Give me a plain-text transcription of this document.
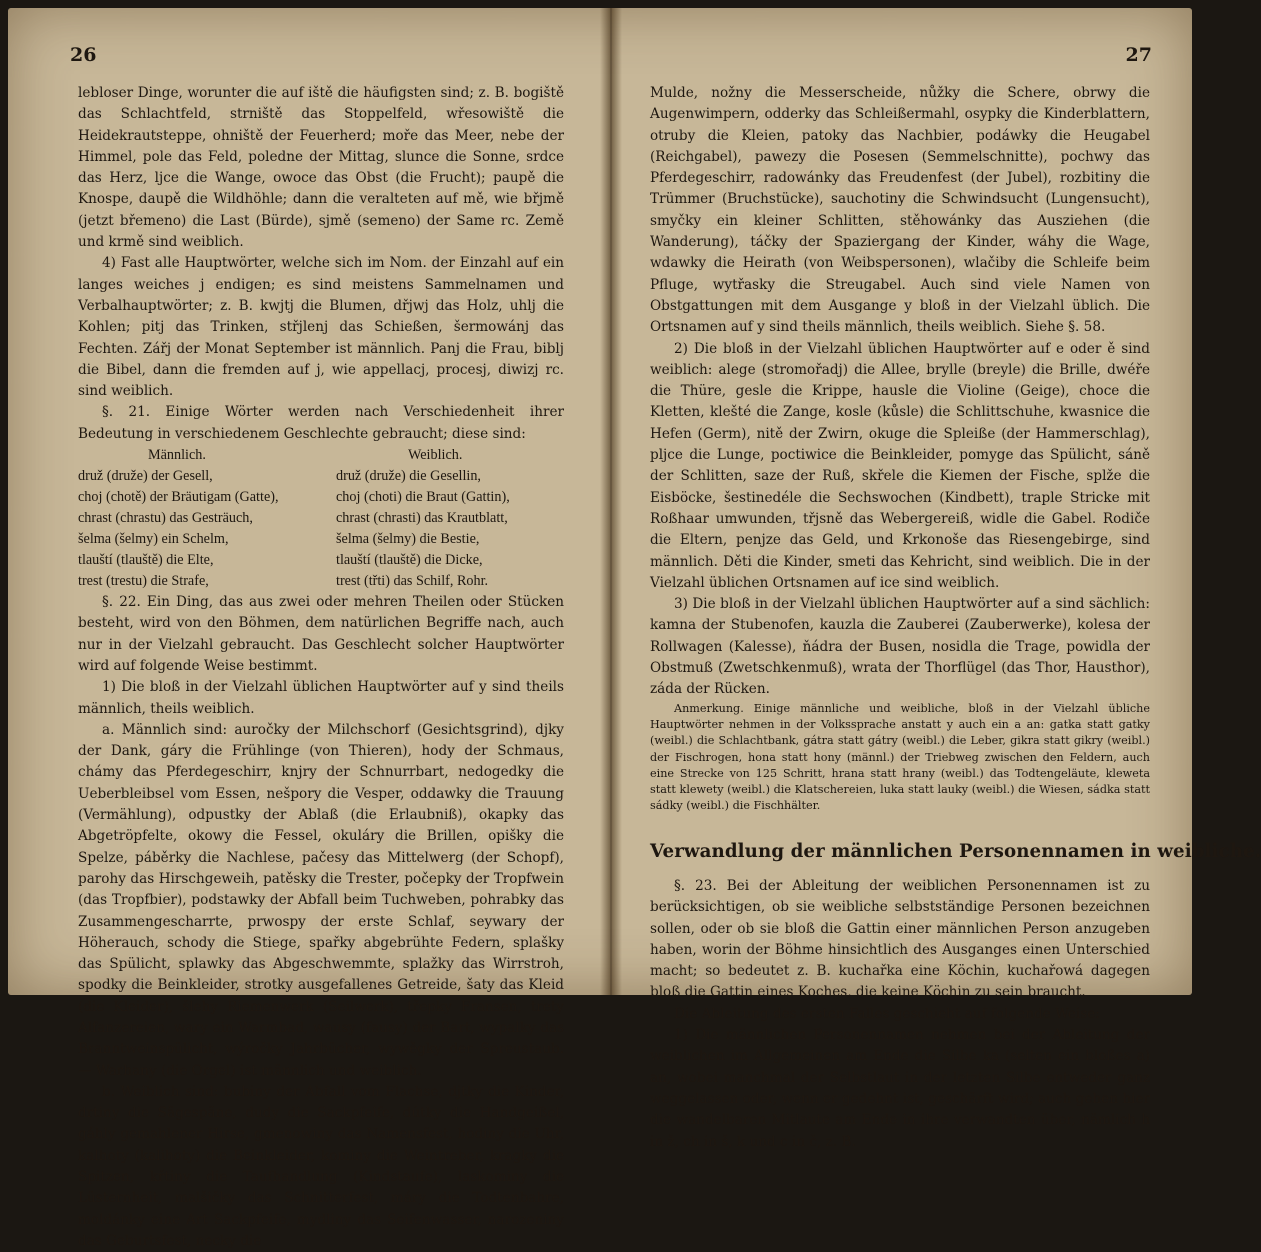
26

lebloser Dinge, worunter die auf iště die häufigsten sind; z. B. bogiště das Schlachtfeld, strniště das Stoppelfeld, wřesowiště die Heidekrautsteppe, ohniště der Feuerherd; moře das Meer, nebe der Himmel, pole das Feld, poledne der Mittag, slunce die Sonne, srdce das Herz, ljce die Wange, owoce das Obst (die Frucht); paupě die Knospe, daupě die Wildhöhle; dann die veralteten auf mě, wie břjmě (jetzt břemeno) die Last (Bürde), sjmě (semeno) der Same rc. Země und krmě sind weiblich.

4) Fast alle Hauptwörter, welche sich im Nom. der Einzahl auf ein langes weiches j endigen; es sind meistens Sammelnamen und Verbalhauptwörter; z. B. kwjtj die Blumen, dřjwj das Holz, uhlj die Kohlen; pitj das Trinken, střjlenj das Schießen, šermowánj das Fechten. Zářj der Monat September ist männlich. Panj die Frau, biblj die Bibel, dann die fremden auf j, wie appellacj, procesj, diwizj rc. sind weiblich.

§. 21. Einige Wörter werden nach Verschiedenheit ihrer Bedeutung in verschiedenem Geschlechte gebraucht; diese sind:

Männlich.	Weiblich.
druž (druže) der Gesell,	druž (druže) die Gesellin,
choj (chotě) der Bräutigam (Gatte),	choj (choti) die Braut (Gattin),
chrast (chrastu) das Gesträuch,	chrast (chrasti) das Krautblatt,
šelma (šelmy) ein Schelm,	šelma (šelmy) die Bestie,
tlauští (tlauště) die Elte,	tlauští (tlauště) die Dicke,
trest (trestu) die Strafe,	trest (třti) das Schilf, Rohr.

§. 22. Ein Ding, das aus zwei oder mehren Theilen oder Stücken besteht, wird von den Böhmen, dem natürlichen Begriffe nach, auch nur in der Vielzahl gebraucht. Das Geschlecht solcher Hauptwörter wird auf folgende Weise bestimmt.

1) Die bloß in der Vielzahl üblichen Hauptwörter auf y sind theils männlich, theils weiblich.

a. Männlich sind: auročky der Milchschorf (Gesichtsgrind), djky der Dank, gáry die Frühlinge (von Thieren), hody der Schmaus, chámy das Pferdegeschirr, knjry der Schnurrbart, nedogedky die Ueberbleibsel vom Essen, nešpory die Vesper, oddawky die Trauung (Vermählung), odpustky der Ablaß (die Erlaubniß), okapky das Abgetröpfelte, okowy die Fessel, okuláry die Brillen, opišky die Spelze, páběrky die Nachlese, pačesy das Mittelwerg (der Schopf), parohy das Hirschgeweih, patěsky die Trester, počepky der Tropfwein (das Tropfbier), podstawky der Abfall beim Tuchweben, pohrabky das Zusammengescharrte, prwospy der erste Schlaf, seywary der Höherauch, schody die Stiege, spařky abgebrühte Federn, splašky das Spülicht, splawky das Abgeschwemmte, splažky das Wirrstroh, spodky die Beinkleider, strotky ausgefallenes Getreide, šaty das Kleid (die Kleider), šlehy Riemenwerk (Seilwerk), třepky Fransen, trety Alfanzereien, wary ein Warmbad, wausy (fausy) der Bart, wypalky das Branntweinspülicht, wýročky Jahrbücher, wywěgky der Spreustaub. — Warhany (die Orgel) ist männlich und weiblich.

b. Weiblich sind: bubiny der Abfall vom Flachse, djtky die Kinder, drtiny die Sägespäne, dudy die Sackpfeife, dútky die Handgeißel, gáhly gemahlener Hirse, gmenowiny das Namensfest, hodiny die Uhr, kalhoty (kalihoty) die Beinkleider, kominy die Weintreber, kragky die Spitzen, křtiny die Taufhandlung (Kindstaufe), laskominy die Lüsternheit, malšičky das Schnitterfest, máry die Todtenbahre, moldánky eine Art Sackpfeife, mydliny das Seifenwasser, narozeniny das Geburtsfest, necky die

27

Mulde, nožny die Messerscheide, nůžky die Schere, obrwy die Augenwimpern, odderky das Schleißermahl, osypky die Kinderblattern, otruby die Kleien, patoky das Nachbier, podáwky die Heugabel (Reichgabel), pawezy die Posesen (Semmelschnitte), pochwy das Pferdegeschirr, radowánky das Freudenfest (der Jubel), rozbitiny die Trümmer (Bruchstücke), sauchotiny die Schwindsucht (Lungensucht), smyčky ein kleiner Schlitten, stěhowánky das Ausziehen (die Wanderung), táčky der Spaziergang der Kinder, wáhy die Wage, wdawky die Heirath (von Weibspersonen), wlačiby die Schleife beim Pfluge, wytřasky die Streugabel. Auch sind viele Namen von Obstgattungen mit dem Ausgange y bloß in der Vielzahl üblich. Die Ortsnamen auf y sind theils männlich, theils weiblich. Siehe §. 58.

2) Die bloß in der Vielzahl üblichen Hauptwörter auf e oder ě sind weiblich: alege (stromořadj) die Allee, brylle (breyle) die Brille, dwéře die Thüre, gesle die Krippe, hausle die Violine (Geige), choce die Kletten, klešté die Zange, kosle (kůsle) die Schlittschuhe, kwasnice die Hefen (Germ), nitě der Zwirn, okuge die Spleiße (der Hammerschlag), pljce die Lunge, poctiwice die Beinkleider, pomyge das Spülicht, sáně der Schlitten, saze der Ruß, skřele die Kiemen der Fische, splže die Eisböcke, šestinedéle die Sechswochen (Kindbett), traple Stricke mit Roßhaar umwunden, třjsně das Webergereiß, widle die Gabel. Rodiče die Eltern, penjze das Geld, und Krkonoše das Riesengebirge, sind männlich. Děti die Kinder, smeti das Kehricht, sind weiblich. Die in der Vielzahl üblichen Ortsnamen auf ice sind weiblich.

3) Die bloß in der Vielzahl üblichen Hauptwörter auf a sind sächlich: kamna der Stubenofen, kauzla die Zauberei (Zauberwerke), kolesa der Rollwagen (Kalesse), ňádra der Busen, nosidla die Trage, powidla der Obstmuß (Zwetschkenmuß), wrata der Thorflügel (das Thor, Hausthor), záda der Rücken.

Anmerkung. Einige männliche und weibliche, bloß in der Vielzahl übliche Hauptwörter nehmen in der Volkssprache anstatt y auch ein a an: gatka statt gatky (weibl.) die Schlachtbank, gátra statt gátry (weibl.) die Leber, gikra statt gikry (weibl.) der Fischrogen, hona statt hony (männl.) der Triebweg zwischen den Feldern, auch eine Strecke von 125 Schritt, hrana statt hrany (weibl.) das Todtengeläute, kleweta statt klewety (weibl.) die Klatschereien, luka statt lauky (weibl.) die Wiesen, sádka statt sádky (weibl.) die Fischhälter.

Verwandlung der männlichen Personennamen in weibliche.

§. 23. Bei der Ableitung der weiblichen Personennamen ist zu berücksichtigen, ob sie weibliche selbstständige Personen bezeichnen sollen, oder ob sie bloß die Gattin einer männlichen Person anzugeben haben, worin der Böhme hinsichtlich des Ausganges einen Unterschied macht; so bedeutet z. B. kuchařka eine Köchin, kuchařowá dagegen bloß die Gattin eines Koches, die keine Köchin zu sein braucht.

Die Ableitung des ersten Falles geschieht auf folgende Weise:

1) Die männlichen Personennamen nehmen bei der Ableitung der weiblichen im Allgemeinen am Ende die Silbe ka (selten ein bloßes a) an, wobei manchmal der Selbstlaut in der letzten Silbe entweder ganz weggelassen oder, wenn er gedehnt ist, geschärft wird; auch gehen hier die wandelbaren Mitlaute am Ende in ihre verwandten über, nämlich h in ž, ch in š, k und c in č, z. B.
